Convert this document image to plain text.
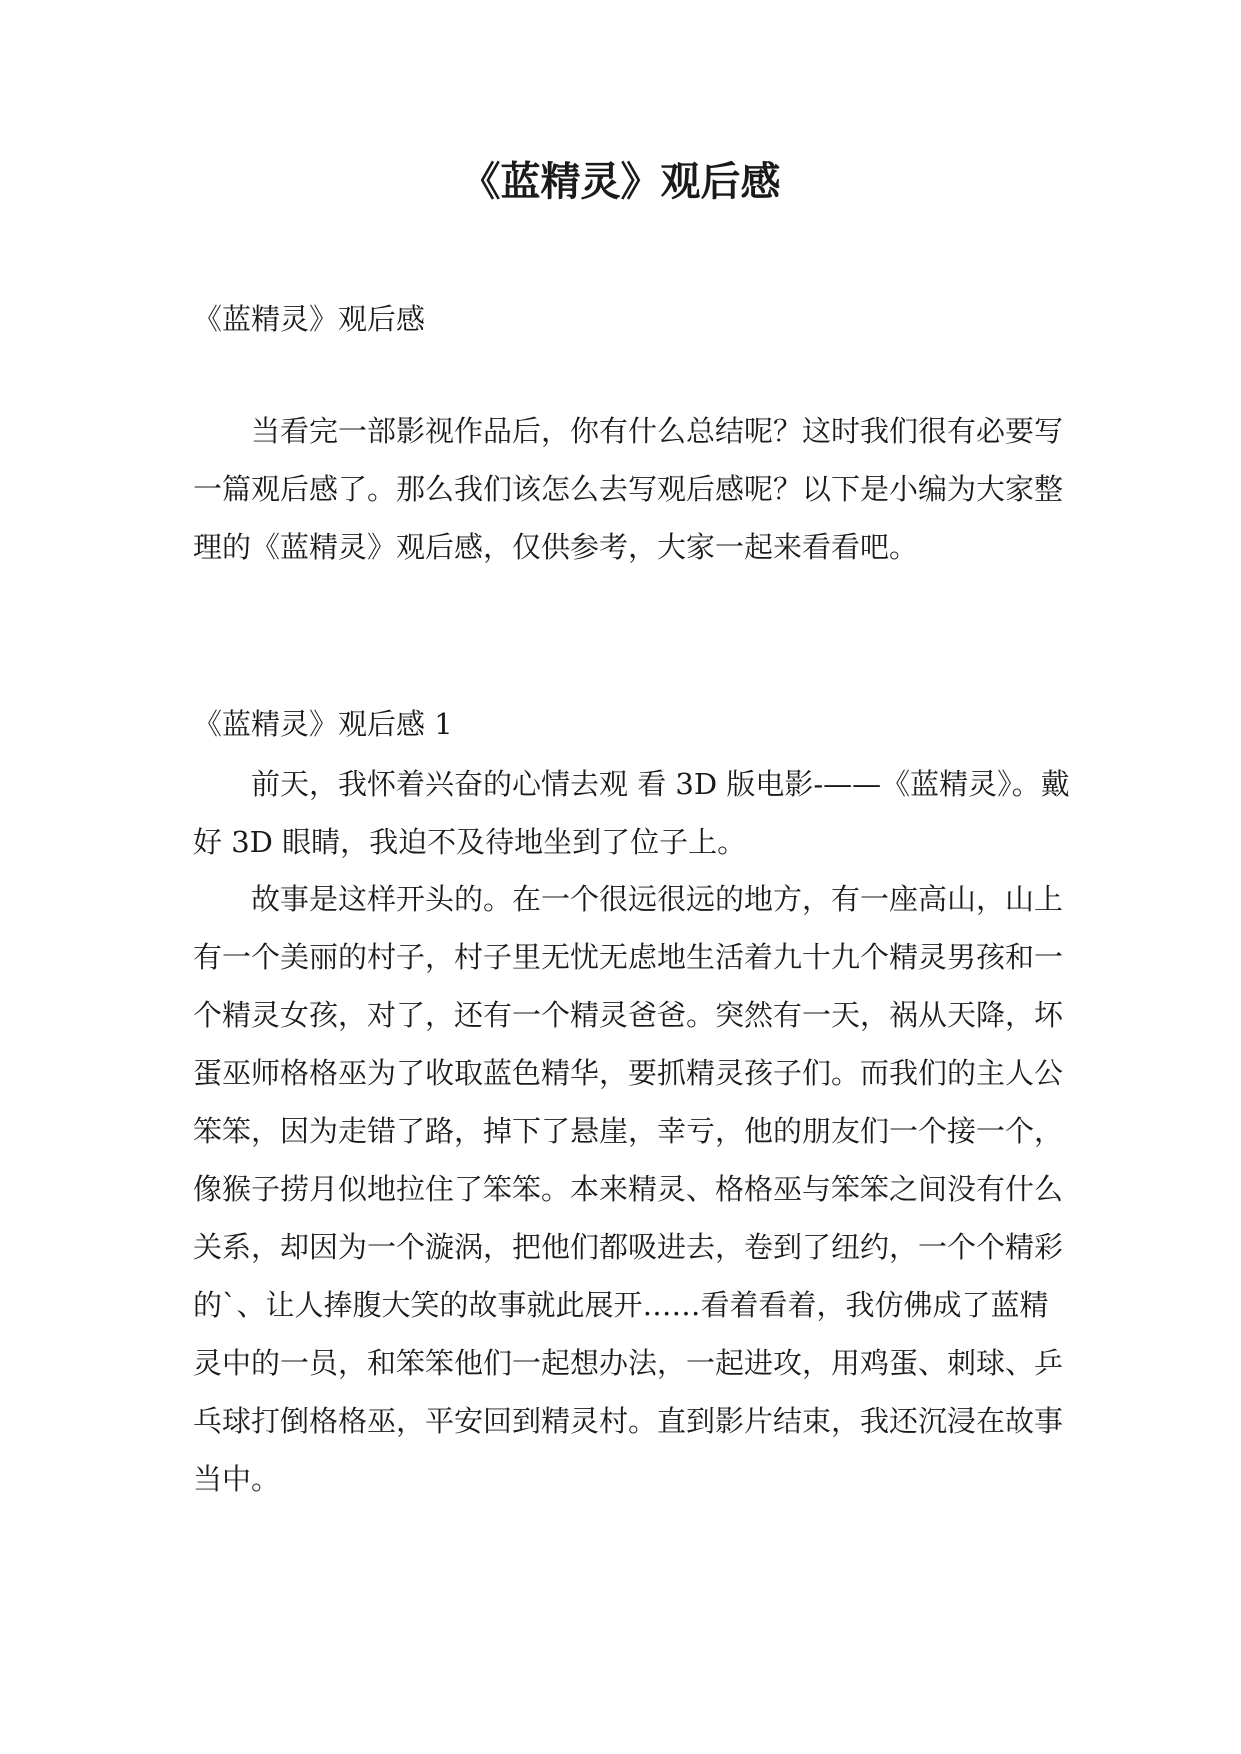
《蓝精灵》观后感

《蓝精灵》观后感

当看完一部影视作品后，你有什么总结呢？这时我们很有必要写一篇观后感了。那么我们该怎么去写观后感呢？以下是小编为大家整理的《蓝精灵》观后感，仅供参考，大家一起来看看吧。

《蓝精灵》观后感 1

前天，我怀着兴奋的心情去观 看 3D 版电影-——《蓝精灵》。戴好 3D 眼睛，我迫不及待地坐到了位子上。

故事是这样开头的。在一个很远很远的地方，有一座高山，山上有一个美丽的村子，村子里无忧无虑地生活着九十九个精灵男孩和一个精灵女孩，对了，还有一个精灵爸爸。突然有一天，祸从天降，坏蛋巫师格格巫为了收取蓝色精华，要抓精灵孩子们。而我们的主人公笨笨，因为走错了路，掉下了悬崖，幸亏，他的朋友们一个接一个，像猴子捞月似地拉住了笨笨。本来精灵、格格巫与笨笨之间没有什么关系，却因为一个漩涡，把他们都吸进去，卷到了纽约，一个个精彩的`、让人捧腹大笑的故事就此展开……看着看着，我仿佛成了蓝精灵中的一员，和笨笨他们一起想办法，一起进攻，用鸡蛋、刺球、乒乓球打倒格格巫，平安回到精灵村。直到影片结束，我还沉浸在故事当中。
